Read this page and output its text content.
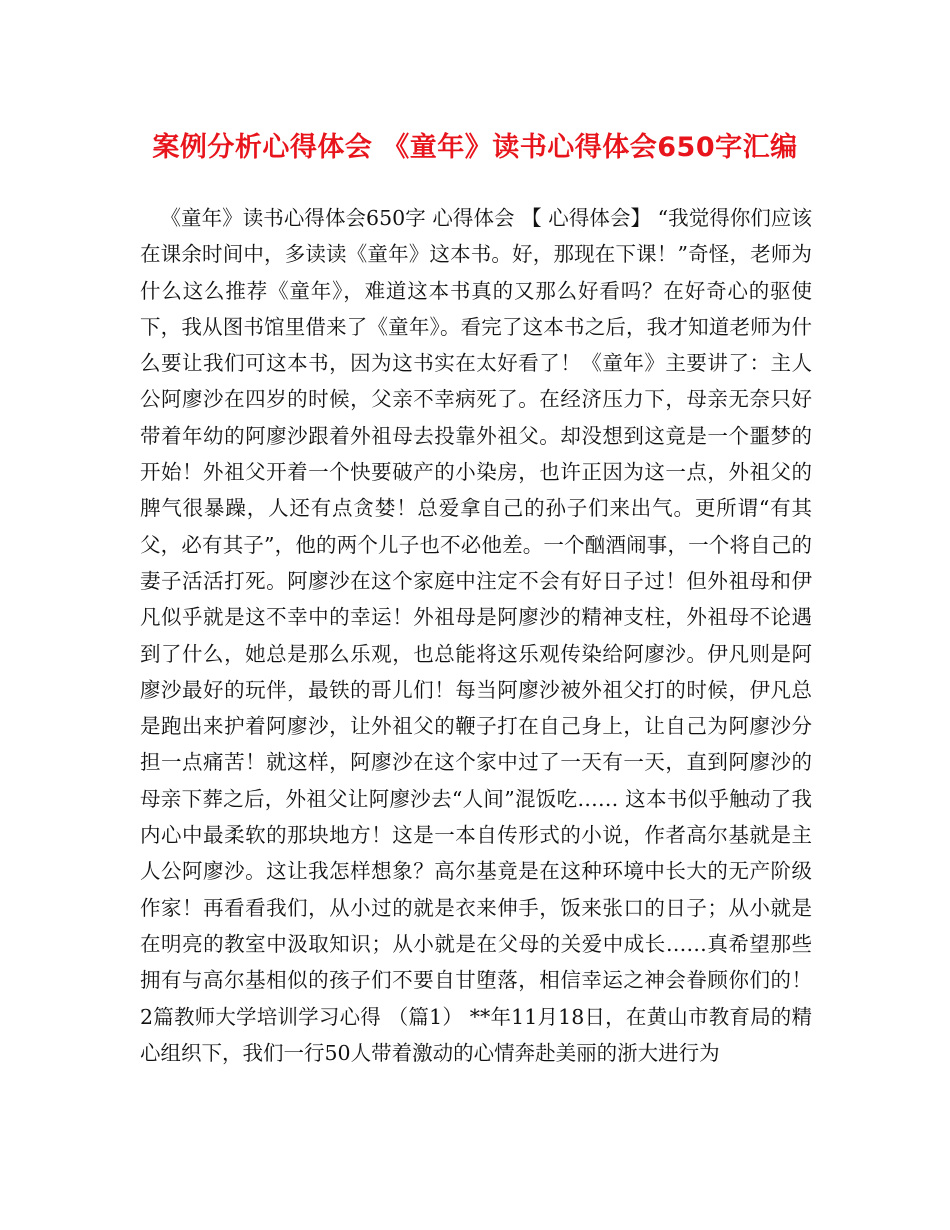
案例分析心得体会 《童年》读书心得体会650字汇编

《童年》读书心得体会650字 心得体会 【 心得体会】 “我觉得你们应该在课余时间中，多读读《童年》这本书。好，那现在下课！”奇怪，老师为什么这么推荐《童年》，难道这本书真的又那么好看吗？在好奇心的驱使下，我从图书馆里借来了《童年》。看完了这本书之后，我才知道老师为什么要让我们可这本书，因为这书实在太好看了！《童年》主要讲了：主人公阿廖沙在四岁的时候，父亲不幸病死了。在经济压力下，母亲无奈只好带着年幼的阿廖沙跟着外祖母去投靠外祖父。却没想到这竟是一个噩梦的开始！外祖父开着一个快要破产的小染房，也许正因为这一点，外祖父的脾气很暴躁，人还有点贪婪！总爱拿自己的孙子们来出气。更所谓“有其父，必有其子”，他的两个儿子也不必他差。一个酗酒闹事，一个将自己的妻子活活打死。阿廖沙在这个家庭中注定不会有好日子过！但外祖母和伊凡似乎就是这不幸中的幸运！外祖母是阿廖沙的精神支柱，外祖母不论遇到了什么，她总是那么乐观，也总能将这乐观传染给阿廖沙。伊凡则是阿廖沙最好的玩伴，最铁的哥儿们！每当阿廖沙被外祖父打的时候，伊凡总是跑出来护着阿廖沙，让外祖父的鞭子打在自己身上，让自己为阿廖沙分担一点痛苦！就这样，阿廖沙在这个家中过了一天有一天，直到阿廖沙的母亲下葬之后，外祖父让阿廖沙去“人间”混饭吃…… 这本书似乎触动了我内心中最柔软的那块地方！这是一本自传形式的小说，作者高尔基就是主人公阿廖沙。这让我怎样想象？高尔基竟是在这种环境中长大的无产阶级作家！再看看我们，从小过的就是衣来伸手，饭来张口的日子；从小就是在明亮的教室中汲取知识；从小就是在父母的关爱中成长……真希望那些拥有与高尔基相似的孩子们不要自甘堕落，相信幸运之神会眷顾你们的！ 2篇教师大学培训学习心得 （篇1） **年11月18日，在黄山市教育局的精心组织下，我们一行50人带着激动的心情奔赴美丽的浙大进行为
